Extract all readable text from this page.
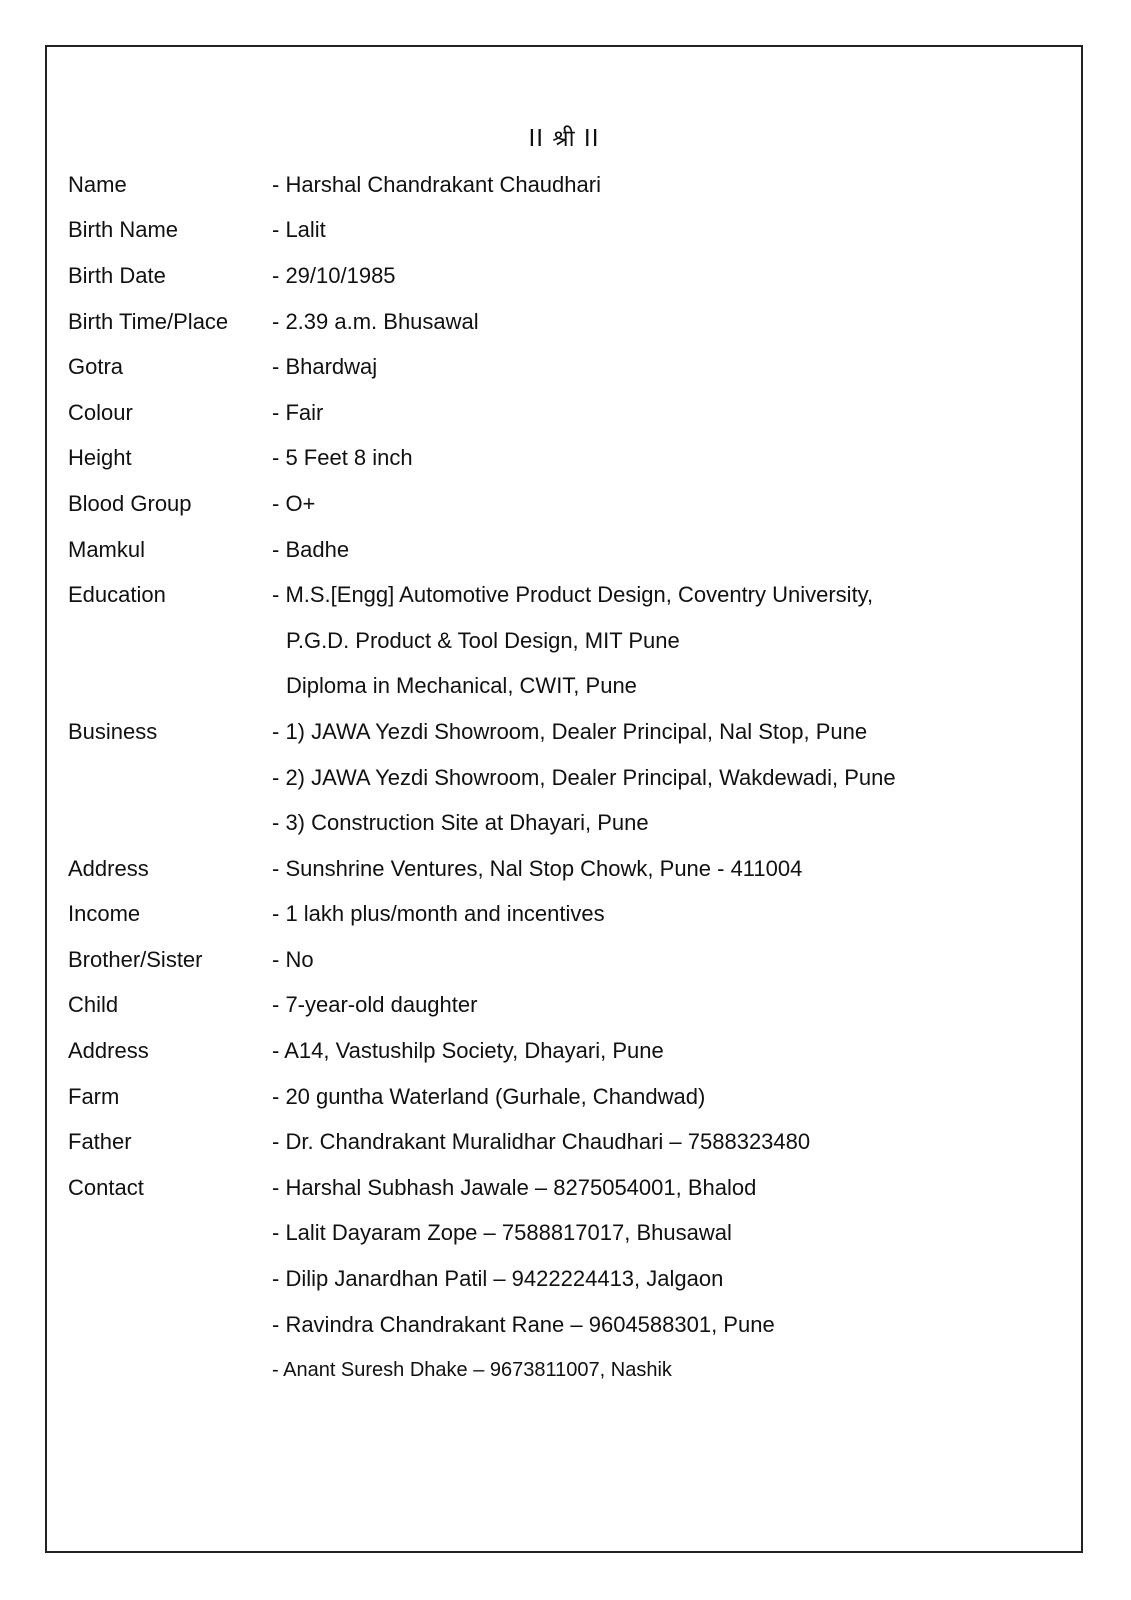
II श्री II
Name	- Harshal Chandrakant Chaudhari
Birth Name	- Lalit
Birth Date	- 29/10/1985
Birth Time/Place	- 2.39 a.m. Bhusawal
Gotra	- Bhardwaj
Colour	- Fair
Height	- 5 Feet 8 inch
Blood Group	- O+
Mamkul	- Badhe
Education	- M.S.[Engg] Automotive Product Design, Coventry University,
P.G.D. Product & Tool Design, MIT Pune
Diploma in Mechanical, CWIT, Pune
Business	- 1) JAWA Yezdi Showroom, Dealer Principal, Nal Stop, Pune
- 2) JAWA Yezdi Showroom, Dealer Principal, Wakdewadi, Pune
- 3) Construction Site at Dhayari, Pune
Address	- Sunshrine Ventures, Nal Stop Chowk, Pune - 411004
Income	- 1 lakh plus/month and incentives
Brother/Sister	- No
Child	- 7-year-old daughter
Address	- A14, Vastushilp Society, Dhayari, Pune
Farm	- 20 guntha Waterland (Gurhale, Chandwad)
Father	- Dr. Chandrakant Muralidhar Chaudhari – 7588323480
Contact	- Harshal Subhash Jawale – 8275054001, Bhalod
- Lalit Dayaram Zope – 7588817017, Bhusawal
- Dilip Janardhan Patil – 9422224413, Jalgaon
- Ravindra Chandrakant Rane – 9604588301, Pune
- Anant Suresh Dhake – 9673811007, Nashik
